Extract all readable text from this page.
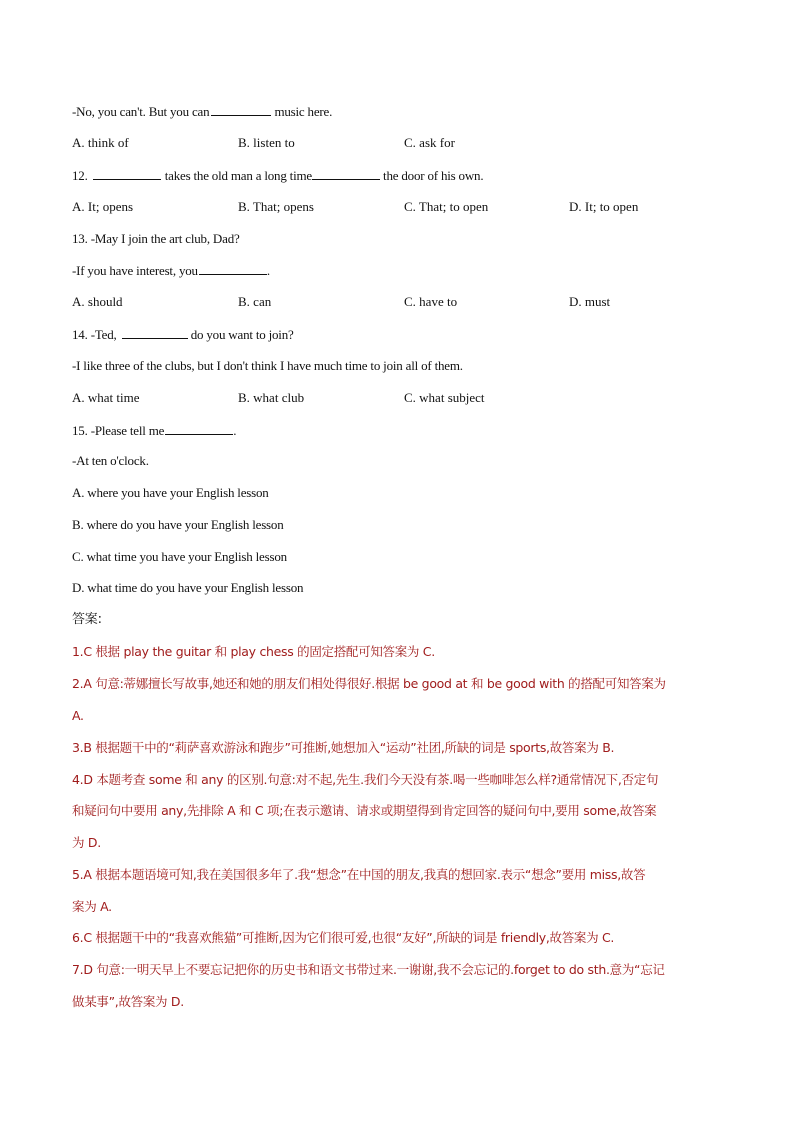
-No, you can't. But you can	music here.
A. think of	B. listen to	C. ask for
12.	takes the old man a long time	the door of his own.
A. It; opens	B. That; opens	C. That; to open	D. It; to open
13. -May I join the art club, Dad?
-If you have interest, you	.
A. should	B. can	C. have to	D. must
14. -Ted,	do you want to join?
-I like three of the clubs, but I don't think I have much time to join all of them.
A. what time	B. what club	C. what subject
15. -Please tell me	.
-At ten o'clock.
A. where you have your English lesson
B. where do you have your English lesson
C. what time you have your English lesson
D. what time do you have your English lesson
答案:
1.C 根据 play the guitar 和 play chess 的固定搭配可知答案为 C.
2.A 句意:蒂娜擅长写故事,她还和她的朋友们相处得很好.根据 be good at 和 be good with 的搭配可知答案为
A.
3.B 根据题干中的“莉萨喜欢游泳和跑步”可推断,她想加入“运动”社团,所缺的词是 sports,故答案为 B.
4.D 本题考查 some 和 any 的区别.句意:对不起,先生.我们今天没有茶.喝一些咖啡怎么样?通常情况下,否定句
和疑问句中要用 any,先排除 A 和 C 项;在表示邀请、请求或期望得到肯定回答的疑问句中,要用 some,故答案
为 D.
5.A 根据本题语境可知,我在美国很多年了.我“想念”在中国的朋友,我真的想回家.表示“想念”要用 miss,故答
案为 A.
6.C 根据题干中的“我喜欢熊猫”可推断,因为它们很可爱,也很“友好”,所缺的词是 friendly,故答案为 C.
7.D 句意:一明天早上不要忘记把你的历史书和语文书带过来.一谢谢,我不会忘记的.forget to do sth.意为“忘记
做某事”,故答案为 D.
